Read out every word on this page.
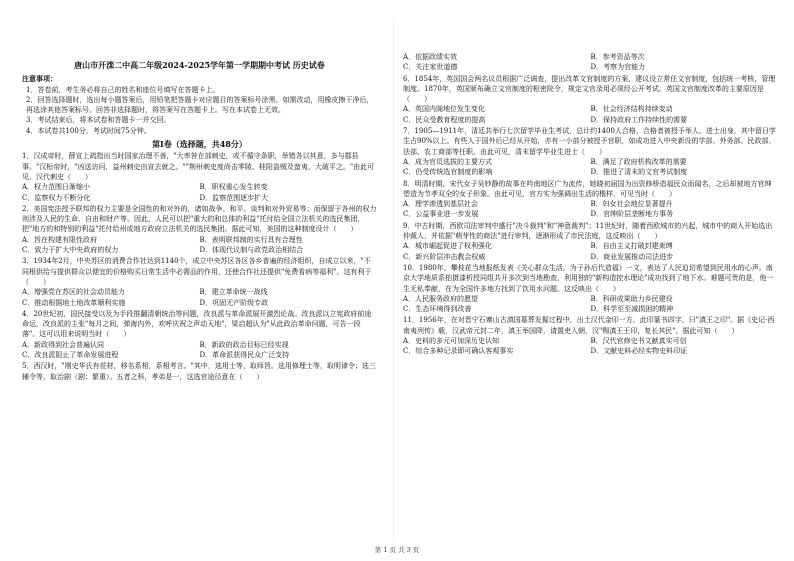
唐山市开滦二中高二年级2024-2025学年第一学期期中考试 历史试卷
注意事项：
1．答卷前，考生务必将自己的姓名和座位号填写在答题卡上。
2．回答选择题时，选出每小题答案后，用铅笔把答题卡对应题目的答案标号涂黑。如需改动，用橡皮擦干净后，再选涂其他答案标号。回答非选择题时，将答案写在答题卡上。写在本试卷上无效。
3．考试结束后，将本试卷和答题卡一并交回。
4．本试卷共100分，考试时间75分钟。
第Ⅰ卷（选择题，共48分）
1．汉成帝时，薛宣上疏指出当时国家治理不善，"大率咎在部刺史，或不循守条职，举错各以其意，多与郡县事。"汉桓帝时，"凶送访问，益州刺史由宣去就之。""荆州刺史度尚击零陵、桂阳盗贼及蛮夷，大破平之。"由此可见，汉代刺史（　　）
A．权力范围日渐缩小	B．职权重心发生转变
C．监察权力不断分化	D．监察范围逐步扩大
2．美国宪法授予联邦的权力主要是全国性的和对外的，诸如战争、和平、谈判和对外贸易等；而保留于各州的权力则涉及人民的生命、自由和财产等。因此，人民可以把"重大的和总体的利益"托付给全国立法机关的选民集团，把"地方的和特别的利益"托付给州或地方政府立法机关的选民集团。据此可知，美国的这种制度设计（　　）
A．旨在构建有限性政府	B．表明联邦制的实行具有合理性
C．致力于扩大中央政府的权力	D．体现代议制与政党政治相结合
3．1934年2月，中央苏区的消费合作社达到1140个，成立中央苏区各区各乡普遍的经济组织，自成立以来，"不同根供给与提供群众以便宜的价格购买日常生活中必需品的作用，还使合作社还提供"免费看病等福利"。这有利于（　　）
A．增强党在苏区的社会动员能力	B．建立革命统一战线
C．推动根据地土地改革顺利实施	D．巩固无产阶级专政
4．20世纪初，国民接受以及为手段推翻清朝统治等问题，改良派与革命派展开激烈论战。改良派以立宪政府前途命运，改良派的主张"每月之间，弹海内外，欢呼庆祝之声动天地"，梁启超认为"从此政治革命问题，可告一段落"。这可以用来说明当时（　　）
A．新政得到社会普遍认同	B．新政的政治目标已经实现
C．改良派阻止了革命发展进程	D．革命派获得民众广泛支持
5．西汉时，"刚史华氏有莅材，移名系相，系相考言。"其中，选用士等，取师旨。选用修理士等，取明律令；选三辅令等，取治剧（剧：繁重）。五者之科，孝弟是一，这选官途径意在（　　）
A．依据政绩实效	B．参考资品等次
C．关注家世道德	D．考察为官能力
6．1854年，英国国会两名议员根据广泛调查，提出改革文官制度的方案，建议设立常任文官制度，包括统一考核，管理制度。1870年，英国颁布确立文官制度的枢密院令，规定文官录用必须经公开考试。英国文官制度改革的主要原因是（　　）
A．英国内阁地位发生变化	B．社会经济结构持续变动
C．民众受教育程度的提高	D．保持政府工作持续性的需要
7．1905—1911年，清廷共举行七次留学毕业生考试，总计约1400人合格，合格者被授予举人、进士出身，其中留日学生占90%以上。有些人于国外后已经从开始，亦有一小部分被授予官职，如成功进入中央新设的学部、外务部、民政部、法部、农工商部等任职。由此可见，清末留学毕业生进士（　　）
A．成为官员选拔的主要方式	B．满足了政府机构改革的需要
C．仍受传统选官制度的影响	D．推进了清末的文官考试制度
8．明清时期，宋代女子吴妙静的故事在吟南地区广为流传，她晓初届国为出资修桥造福民众而闻名，之后却被地方官绅塑造为节孝双全的女子形象。由此可见，官方实为强调出生活的楷样，可见当时（　　）
A．理学渗透到基层社会	B．妇女社会地位显著提升
C．公益事业进一步发展	D．官绅阶层垄断地方事务
9．中古时期，西欧司法审判中盛行"决斗裁判"和"神意裁判"；11世纪时，随着西欧城市的兴起，城市中的商人开始选出仲裁人，并依据"萌芽性的商法"进行审判，逐渐形成了市民法庭，这反映出（　　）
A．城市崛起促进了权利强化	B．自由主义打破封建束缚
C．新兴阶层冲击教会权威	D．商业发展推动司法进步
10．1980年，攀枝花当地报纸发表《关心群众生活，为子孙后代造福》一文，表达了人民迫切希望到民用水的心声。南京大学地质系拍摄漆析授同组共开多次到当地勘查，利用独的"新构造控水理论"成功找到了地下水。难题可贵的是，他一生无私奉献，在为全国许多地方找到了饮用水问题。这反映出（　　）
A．人民服务政府的愿望	B．科研成果助力乡民建设
C．生态环境得到改善	D．科学至至减损困的精神
11．1956年，在对晋宁石寨山古滇国墓葬发掘过程中，出土汉代金印一方，此印篆书四字，曰"滇王之印"。据《史记·西南夷列传》载，汉武帝元封二年，滇王举国降，请置吏入朝，汉"赐滇王王印，复长其民"。据此可知（　　）
A．史料的多元可加深历史认知	B．汉代官修史书文献真实可信
C．综合多种记录即可确认客观事实	D．文献史料必经实物史料印证
第 1 页 共 3 页
